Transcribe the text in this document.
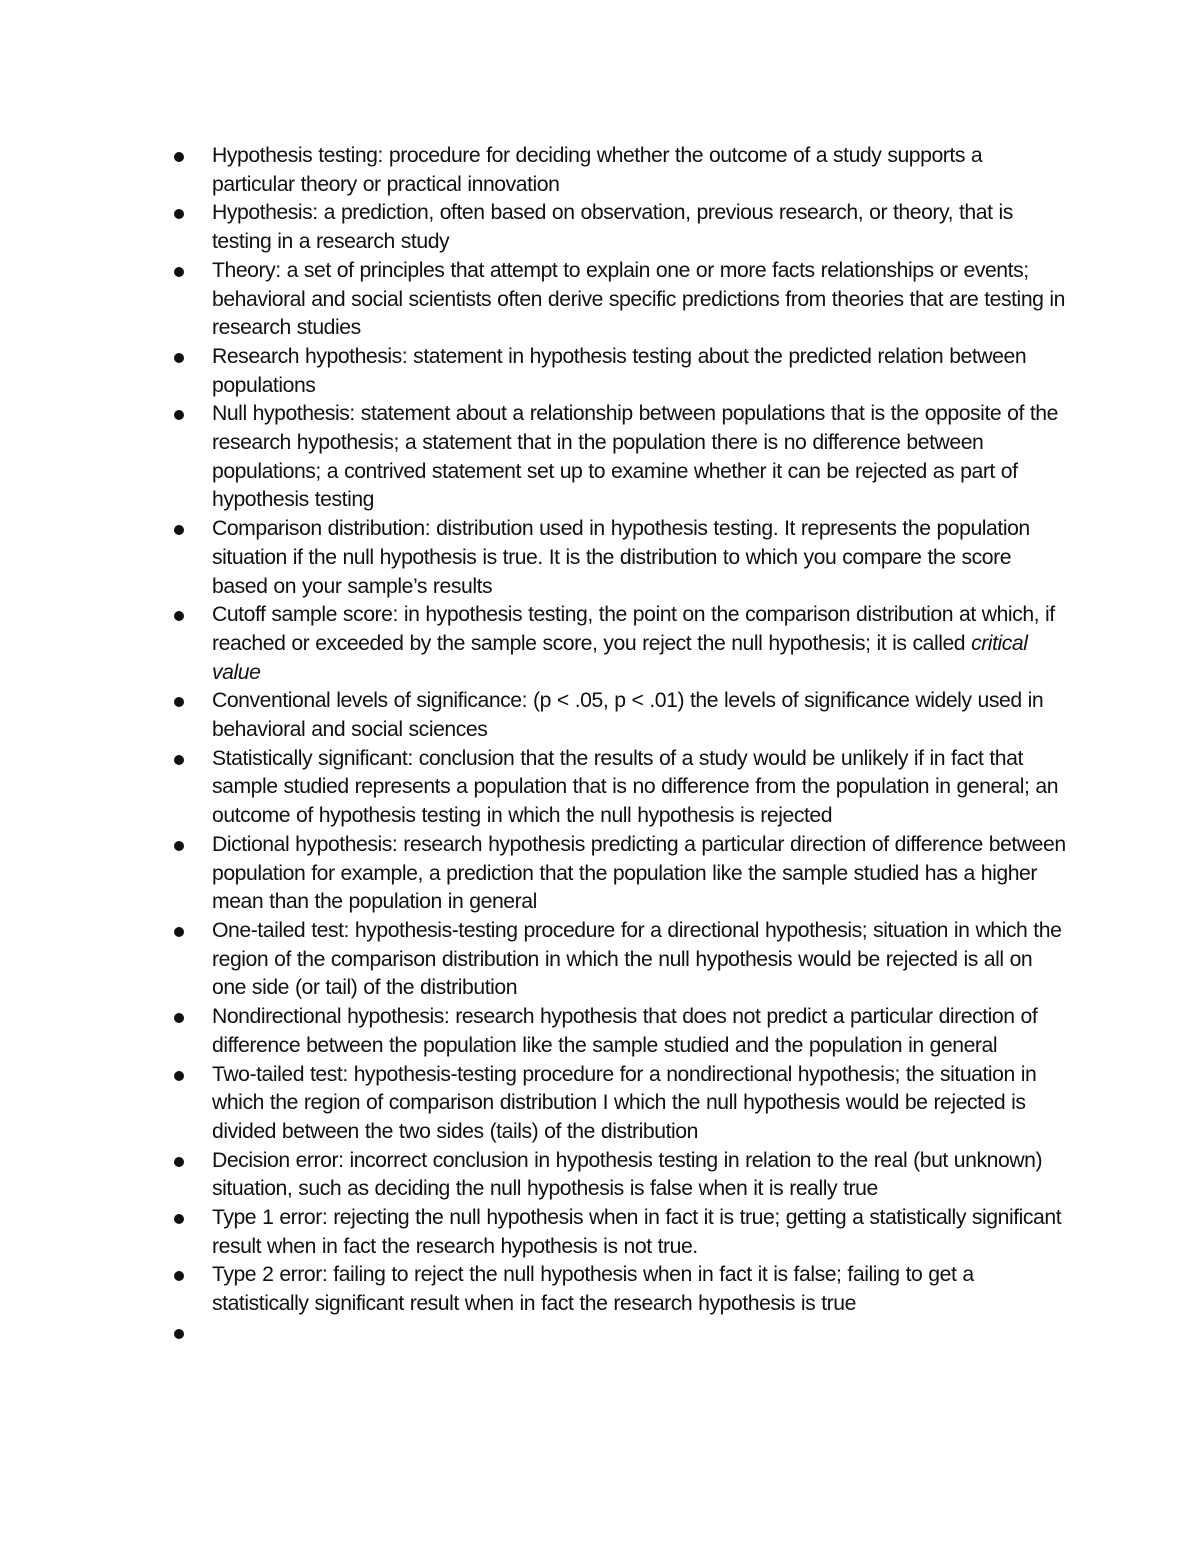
Hypothesis testing: procedure for deciding whether the outcome of a study supports a particular theory or practical innovation
Hypothesis: a prediction, often based on observation, previous research, or theory, that is testing in a research study
Theory: a set of principles that attempt to explain one or more facts relationships or events; behavioral and social scientists often derive specific predictions from theories that are testing in research studies
Research hypothesis: statement in hypothesis testing about the predicted relation between populations
Null hypothesis: statement about a relationship between populations that is the opposite of the research hypothesis; a statement that in the population there is no difference between populations; a contrived statement set up to examine whether it can be rejected as part of hypothesis testing
Comparison distribution: distribution used in hypothesis testing. It represents the population situation if the null hypothesis is true. It is the distribution to which you compare the score based on your sample’s results
Cutoff sample score: in hypothesis testing, the point on the comparison distribution at which, if reached or exceeded by the sample score, you reject the null hypothesis; it is called critical value
Conventional levels of significance: (p < .05, p < .01) the levels of significance widely used in behavioral and social sciences
Statistically significant: conclusion that the results of a study would be unlikely if in fact that sample studied represents a population that is no difference from the population in general; an outcome of hypothesis testing in which the null hypothesis is rejected
Dictional hypothesis: research hypothesis predicting a particular direction of difference between population for example, a prediction that the population like the sample studied has a higher mean than the population in general
One-tailed test: hypothesis-testing procedure for a directional hypothesis; situation in which the region of the comparison distribution in which the null hypothesis would be rejected is all on one side (or tail) of the distribution
Nondirectional hypothesis: research hypothesis that does not predict a particular direction of difference between the population like the sample studied and the population in general
Two-tailed test: hypothesis-testing procedure for a nondirectional hypothesis; the situation in which the region of comparison distribution I which the null hypothesis would be rejected is divided between the two sides (tails) of the distribution
Decision error: incorrect conclusion in hypothesis testing in relation to the real (but unknown) situation, such as deciding the null hypothesis is false when it is really true
Type 1 error: rejecting the null hypothesis when in fact it is true; getting a statistically significant result when in fact the research hypothesis is not true.
Type 2 error: failing to reject the null hypothesis when in fact it is false; failing to get a statistically significant result when in fact the research hypothesis is true
